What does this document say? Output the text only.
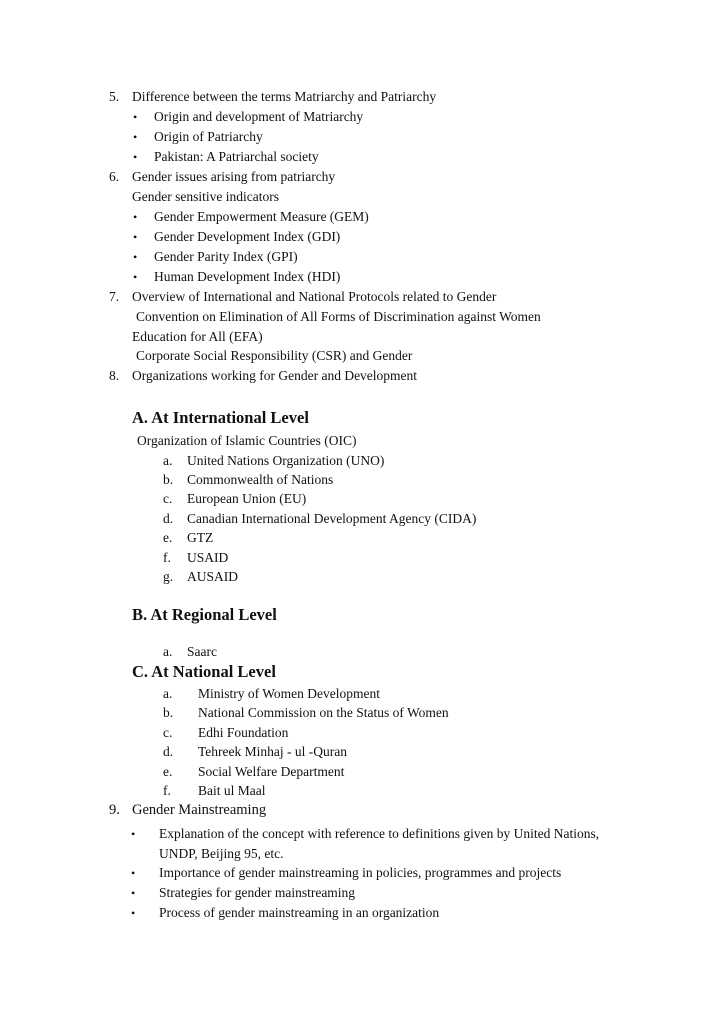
5. Difference between the terms Matriarchy and Patriarchy
• Origin and development of Matriarchy
• Origin of Patriarchy
• Pakistan: A Patriarchal society
6. Gender issues arising from patriarchy
Gender sensitive indicators
• Gender Empowerment Measure (GEM)
• Gender Development Index (GDI)
• Gender Parity Index (GPI)
• Human Development Index (HDI)
7. Overview of International and National Protocols related to Gender
Convention on Elimination of All Forms of Discrimination against Women
Education for All (EFA)
Corporate Social Responsibility (CSR) and Gender
8. Organizations working for Gender and Development
A. At International Level
Organization of Islamic Countries (OIC)
a. United Nations Organization (UNO)
b. Commonwealth of Nations
c. European Union (EU)
d. Canadian International Development Agency (CIDA)
e. GTZ
f. USAID
g. AUSAID
B. At Regional Level
a. Saarc
C. At National Level
a. Ministry of Women Development
b. National Commission on the Status of Women
c. Edhi Foundation
d. Tehreek Minhaj - ul -Quran
e. Social Welfare Department
f. Bait ul Maal
9. Gender Mainstreaming
• Explanation of the concept with reference to definitions given by United Nations,
UNDP, Beijing 95, etc.
• Importance of gender mainstreaming in policies, programmes and projects
• Strategies for gender mainstreaming
• Process of gender mainstreaming in an organization
